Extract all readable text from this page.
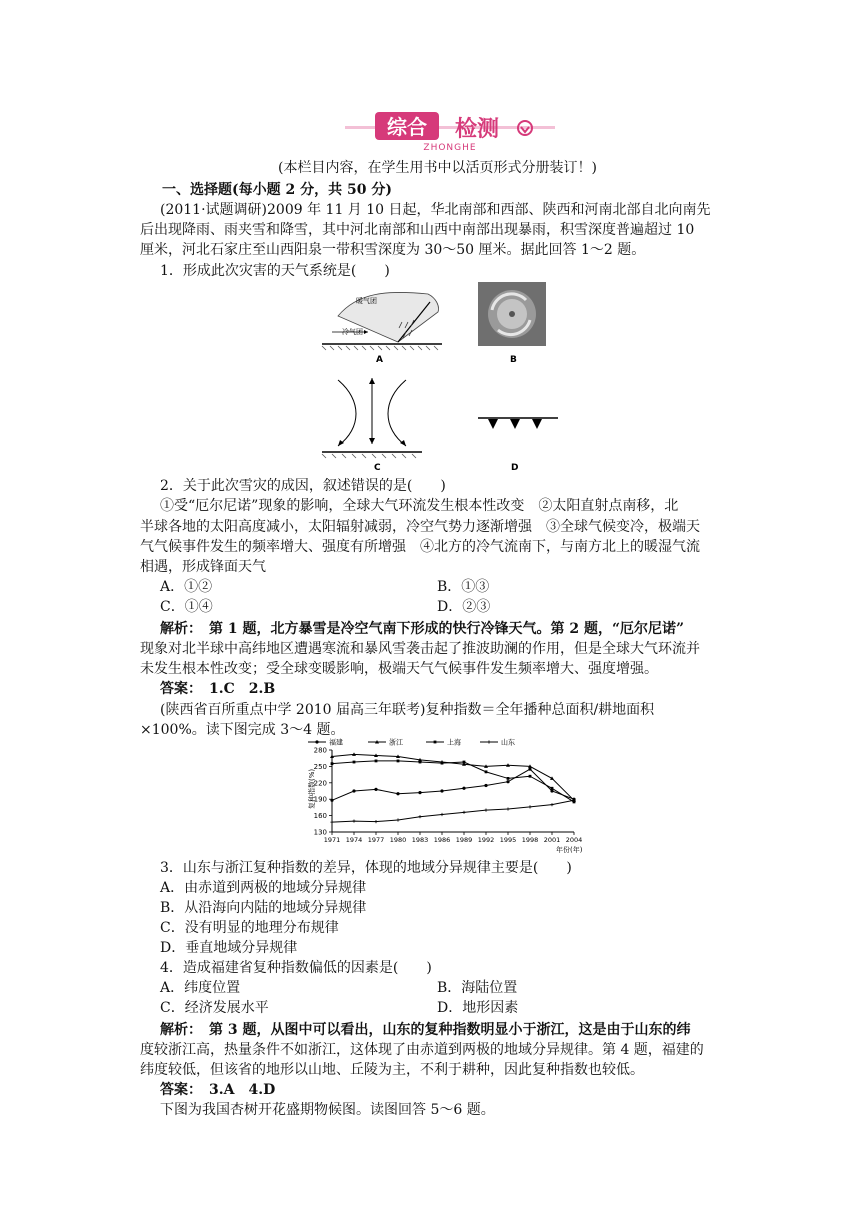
综合 检测
ZHONGHE
(本栏目内容，在学生用书中以活页形式分册装订！)
一、选择题(每小题 2 分，共 50 分)
(2011·试题调研)2009 年 11 月 10 日起，华北南部和西部、陕西和河南北部自北向南先
后出现降雨、雨夹雪和降雪，其中河北南部和山西中南部出现暴雨，积雪深度普遍超过 10
厘米，河北石家庄至山西阳泉一带积雪深度为 30～50 厘米。据此回答 1～2 题。
1．形成此次灾害的天气系统是(　　)
暖气团
冷气团
A	B
C	D
2．关于此次雪灾的成因，叙述错误的是(　　)
①受“厄尔尼诺”现象的影响，全球大气环流发生根本性改变　②太阳直射点南移，北
半球各地的太阳高度减小，太阳辐射减弱，冷空气势力逐渐增强　③全球气候变冷，极端天
气气候事件发生的频率增大、强度有所增强　④北方的冷气流南下，与南方北上的暖湿气流
相遇，形成锋面天气
A．①②	B．①③
C．①④	D．②③
解析：　第 1 题，北方暴雪是冷空气南下形成的快行冷锋天气。第 2 题，“厄尔尼诺”
现象对北半球中高纬地区遭遇寒流和暴风雪袭击起了推波助澜的作用，但是全球大气环流并
未发生根本性改变；受全球变暖影响，极端天气气候事件发生频率增大、强度增强。
答案：　1.C　2.B
(陕西省百所重点中学 2010 届高三年联考)复种指数＝全年播种总面积/耕地面积
×100%。读下图完成 3～4 题。
福建	浙江	上海	山东
130
160
190
220
250
280
1971 1974 1977 1980 1983 1986 1989 1992 1995 1998 2001 2004
复种指数(%)
年份(年)
3．山东与浙江复种指数的差异，体现的地域分异规律主要是(　　)
A．由赤道到两极的地域分异规律
B．从沿海向内陆的地域分异规律
C．没有明显的地理分布规律
D．垂直地域分异规律
4．造成福建省复种指数偏低的因素是(　　)
A．纬度位置	B．海陆位置
C．经济发展水平	D．地形因素
解析：　第 3 题，从图中可以看出，山东的复种指数明显小于浙江，这是由于山东的纬
度较浙江高，热量条件不如浙江，这体现了由赤道到两极的地域分异规律。第 4 题，福建的
纬度较低，但该省的地形以山地、丘陵为主，不利于耕种，因此复种指数也较低。
答案：　3.A　4.D
下图为我国杏树开花盛期物候图。读图回答 5～6 题。
